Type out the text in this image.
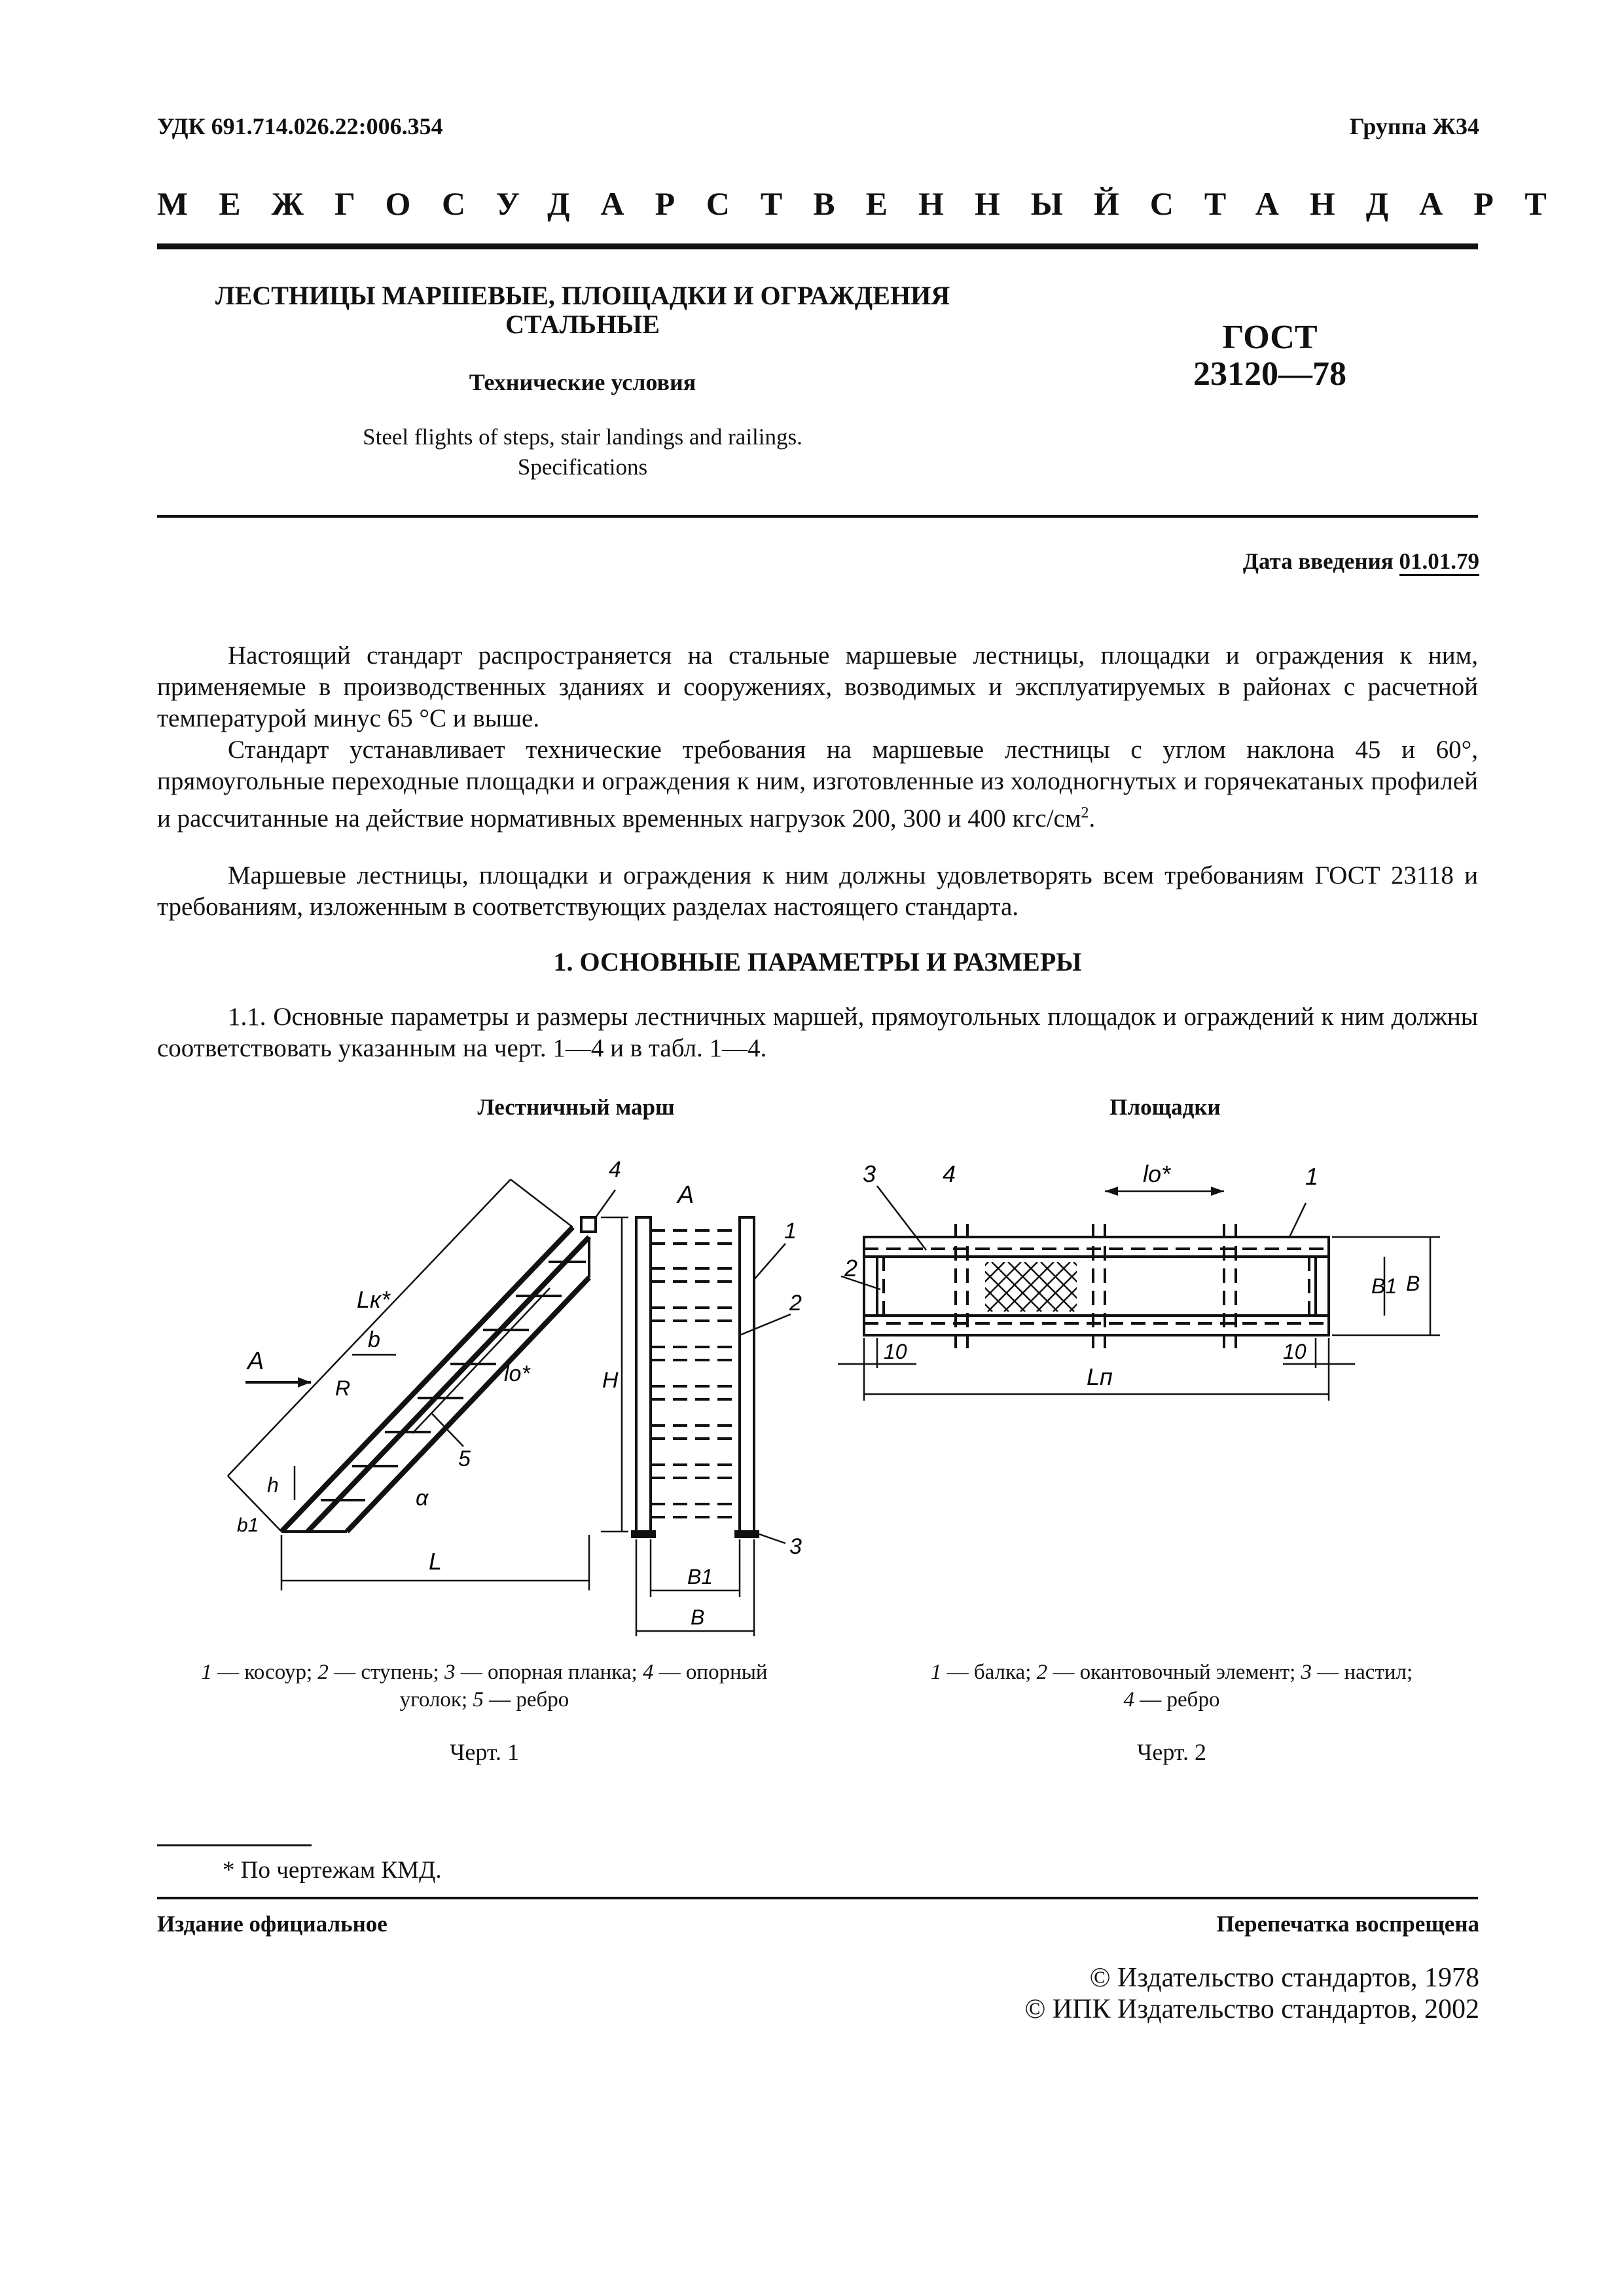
УДК 691.714.026.22:006.354	Группа Ж34
МЕЖГОСУДАРСТВЕННЫЙ СТАНДАРТ
ЛЕСТНИЦЫ МАРШЕВЫЕ, ПЛОЩАДКИ И ОГРАЖДЕНИЯ
СТАЛЬНЫЕ
Технические условия
Steel flights of steps, stair landings and railings.
Specifications
ГОСТ
23120—78
Дата введения 01.01.79
Настоящий стандарт распространяется на стальные маршевые лестницы, площадки и ограждения к ним, применяемые в производственных зданиях и сооружениях, возводимых и эксплуатируемых в районах с расчетной температурой минус 65 °С и выше.
Стандарт устанавливает технические требования на маршевые лестницы с углом наклона 45 и 60°, прямоугольные переходные площадки и ограждения к ним, изготовленные из холодногнутых и горячекатаных профилей и рассчитанные на действие нормативных временных нагрузок 200, 300 и 400 кгс/$см^2$.
Маршевые лестницы, площадки и ограждения к ним должны удовлетворять всем требованиям ГОСТ 23118 и требованиям, изложенным в соответствующих разделах настоящего стандарта.
1. ОСНОВНЫЕ ПАРАМЕТРЫ И РАЗМЕРЫ
1.1. Основные параметры и размеры лестничных маршей, прямоугольных площадок и ограждений к ним должны соответствовать указанным на черт. 1—4 и в табл. 1—4.
Лестничный марш	Площадки
Lк*
A
b
R
lо*
h
b1
α
L
H
4
5
A
1
2
3
B1
B
lо*
3	4	1
2
B1 B
10	10
Lп
1 — косоур; 2 — ступень; 3 — опорная планка; 4 — опорный
уголок; 5 — ребро
1 — балка; 2 — окантовочный элемент; 3 — настил;
4 — ребро
Черт. 1	Черт. 2
* По чертежам КМД.
Издание официальное	Перепечатка воспрещена
© Издательство стандартов, 1978
© ИПК Издательство стандартов, 2002
